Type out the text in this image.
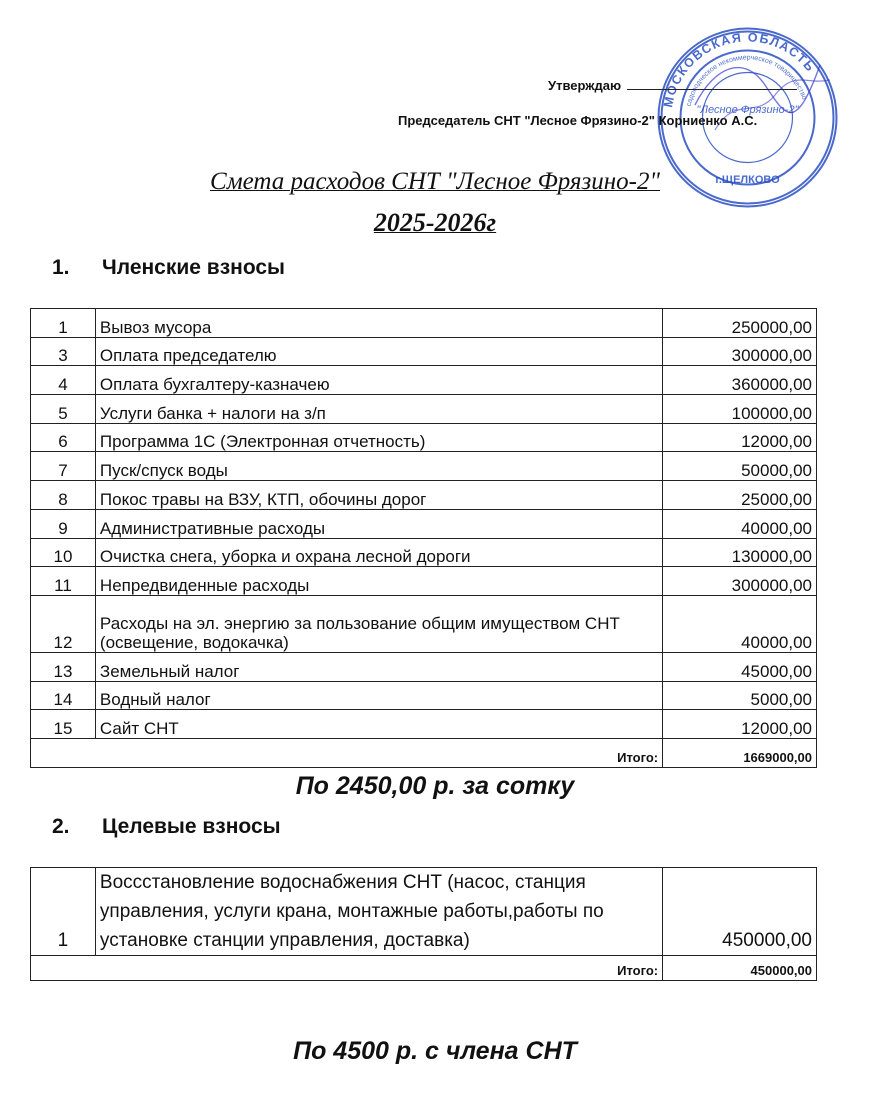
МОСКОВСКАЯ ОБЛАСТЬ
садоводческое некоммерческое товарищество
"Лесное Фрязино-2"
г.ЩЕЛКОВО
Утверждаю
Председатель СНТ "Лесное Фрязино-2" Корниенко А.С.
Смета расходов СНТ "Лесное Фрязино-2"
2025-2026г
1. Членские взносы
1	Вывоз мусора	250000,00
3	Оплата председателю	300000,00
4	Оплата бухгалтеру-казначею	360000,00
5	Услуги банка + налоги на з/п	100000,00
6	Программа 1С (Электронная отчетность)	12000,00
7	Пуск/спуск воды	50000,00
8	Покос травы на ВЗУ, КТП, обочины дорог	25000,00
9	Административные расходы	40000,00
10	Очистка снега, уборка и охрана лесной дороги	130000,00
11	Непредвиденные расходы	300000,00
12	Расходы на эл. энергию за пользование общим имуществом СНТ (освещение, водокачка)	40000,00
13	Земельный налог	45000,00
14	Водный налог	5000,00
15	Сайт СНТ	12000,00
Итого:		1669000,00
По 2450,00 р. за сотку
2. Целевые взносы
1	Воссстановление водоснабжения СНТ (насос, станция управления, услуги крана, монтажные работы,работы по установке станции управления, доставка)	450000,00
Итого:		450000,00
По 4500 р. с члена СНТ
